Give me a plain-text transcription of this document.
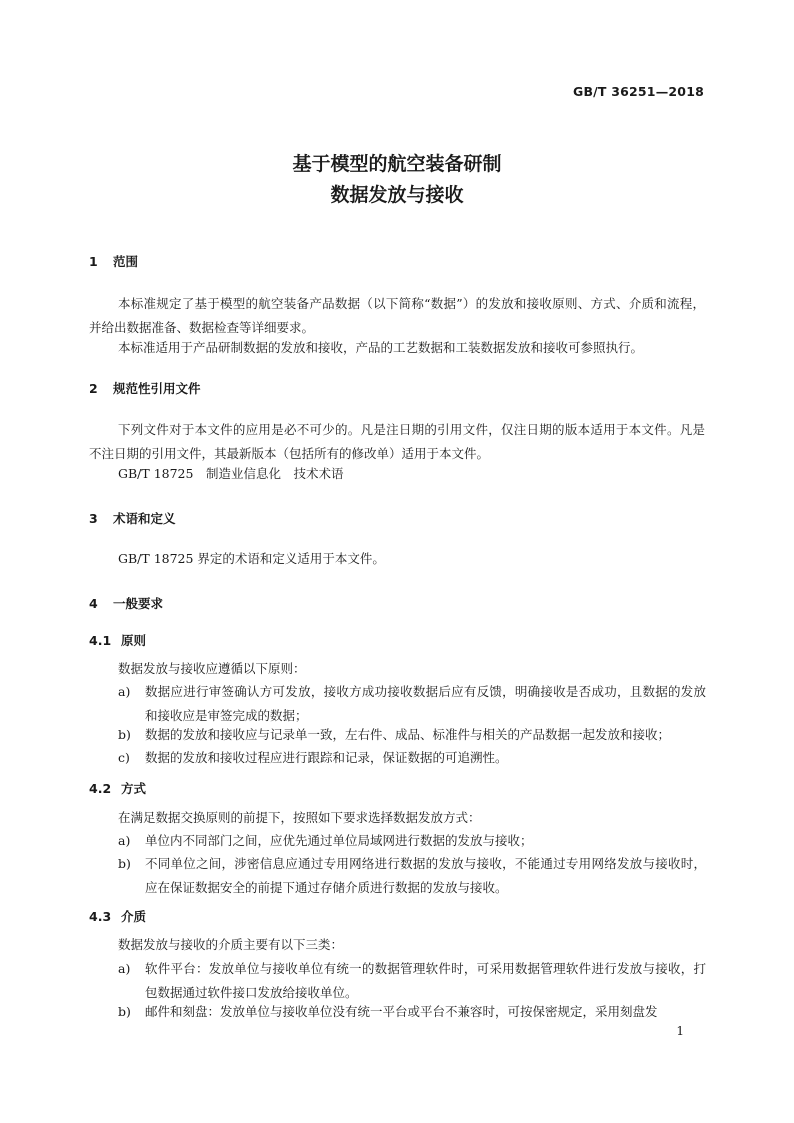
GB/T 36251—2018
基于模型的航空装备研制
数据发放与接收
1 范围
本标准规定了基于模型的航空装备产品数据（以下简称“数据”）的发放和接收原则、方式、介质和流程，并给出数据准备、数据检查等详细要求。
本标准适用于产品研制数据的发放和接收，产品的工艺数据和工装数据发放和接收可参照执行。
2 规范性引用文件
下列文件对于本文件的应用是必不可少的。凡是注日期的引用文件，仅注日期的版本适用于本文件。凡是不注日期的引用文件，其最新版本（包括所有的修改单）适用于本文件。
GB/T 18725　制造业信息化　技术术语
3 术语和定义
GB/T 18725 界定的术语和定义适用于本文件。
4 一般要求
4.1 原则
数据发放与接收应遵循以下原则：
a)	数据应进行审签确认方可发放，接收方成功接收数据后应有反馈，明确接收是否成功，且数据的发放和接收应是审签完成的数据；
b)	数据的发放和接收应与记录单一致，左右件、成品、标准件与相关的产品数据一起发放和接收；
c)	数据的发放和接收过程应进行跟踪和记录，保证数据的可追溯性。
4.2 方式
在满足数据交换原则的前提下，按照如下要求选择数据发放方式：
a)	单位内不同部门之间，应优先通过单位局域网进行数据的发放与接收；
b)	不同单位之间，涉密信息应通过专用网络进行数据的发放与接收，不能通过专用网络发放与接收时，应在保证数据安全的前提下通过存储介质进行数据的发放与接收。
4.3 介质
数据发放与接收的介质主要有以下三类：
a)	软件平台：发放单位与接收单位有统一的数据管理软件时，可采用数据管理软件进行发放与接收，打包数据通过软件接口发放给接收单位。
b)	邮件和刻盘：发放单位与接收单位没有统一平台或平台不兼容时，可按保密规定，采用刻盘发
1
